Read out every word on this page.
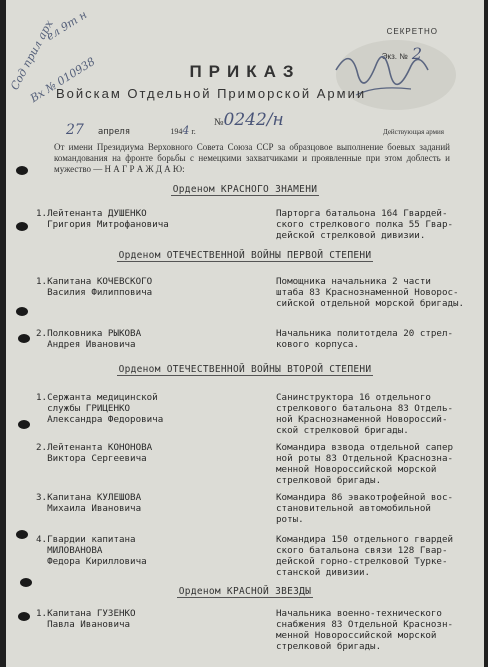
Сод прил арх
ел 9т н
Вх № 010938
СЕКРЕТНО
Экз. № 2
ПРИКАЗ
Войскам Отдельной Приморской Армии
27 апреля	1944 г.
№0242/н
Действующая армия
От имени Президиума Верховного Совета Союза ССР за образцовое выполнение боевых заданий командования на фронте борьбы с немецкими захватчиками и проявленные при этом доблесть и мужество — Н А Г Р А Ж Д А Ю:
Орденом КРАСНОГО ЗНАМЕНИ
1.Лейтенанта ДУШЕНКО
Григория Митрофановича
Парторга батальона 164 Гвардей-
ского стрелкового полка 55 Гвар-
дейской стрелковой дивизии.
Орденом ОТЕЧЕСТВЕННОЙ ВОЙНЫ ПЕРВОЙ СТЕПЕНИ
1.Капитана КОЧЕВСКОГО
Василия Филипповича
Помощника начальника 2 части
штаба 83 Краснознаменной Новорос-
сийской отдельной морской бригады.
2.Полковника РЫКОВА
Андрея Ивановича
Начальника политотдела 20 стрел-
кового корпуса.
Орденом ОТЕЧЕСТВЕННОЙ ВОЙНЫ ВТОРОЙ СТЕПЕНИ
1.Сержанта медицинской
службы ГРИЦЕНКО
Александра Федоровича
Санинструктора 16 отдельного
стрелкового батальона 83 Отдель-
ной Краснознаменной Новороссий-
ской стрелковой бригады.
2.Лейтенанта КОНОНОВА
Виктора Сергеевича
Командира взвода отдельной сапер
ной роты 83 Отдельной Краснозна-
менной Новороссийской морской
стрелковой бригады.
3.Капитана КУЛЕШОВА
Михаила Ивановича
Командира 86 эвакотрофейной вос-
становительной автомобильной
роты.
4.Гвардии капитана
МИЛОВАНОВА
Федора Кирилловича
Командира 150 отдельного гвардей
ского батальона связи 128 Гвар-
дейской горно-стрелковой Турке-
станской дивизии.
Орденом КРАСНОЙ ЗВЕЗДЫ
1.Капитана ГУЗЕНКО
Павла Ивановича
Начальника военно-технического
снабжения 83 Отдельной Краснозн-
менной Новороссийской морской
стрелковой бригады.
